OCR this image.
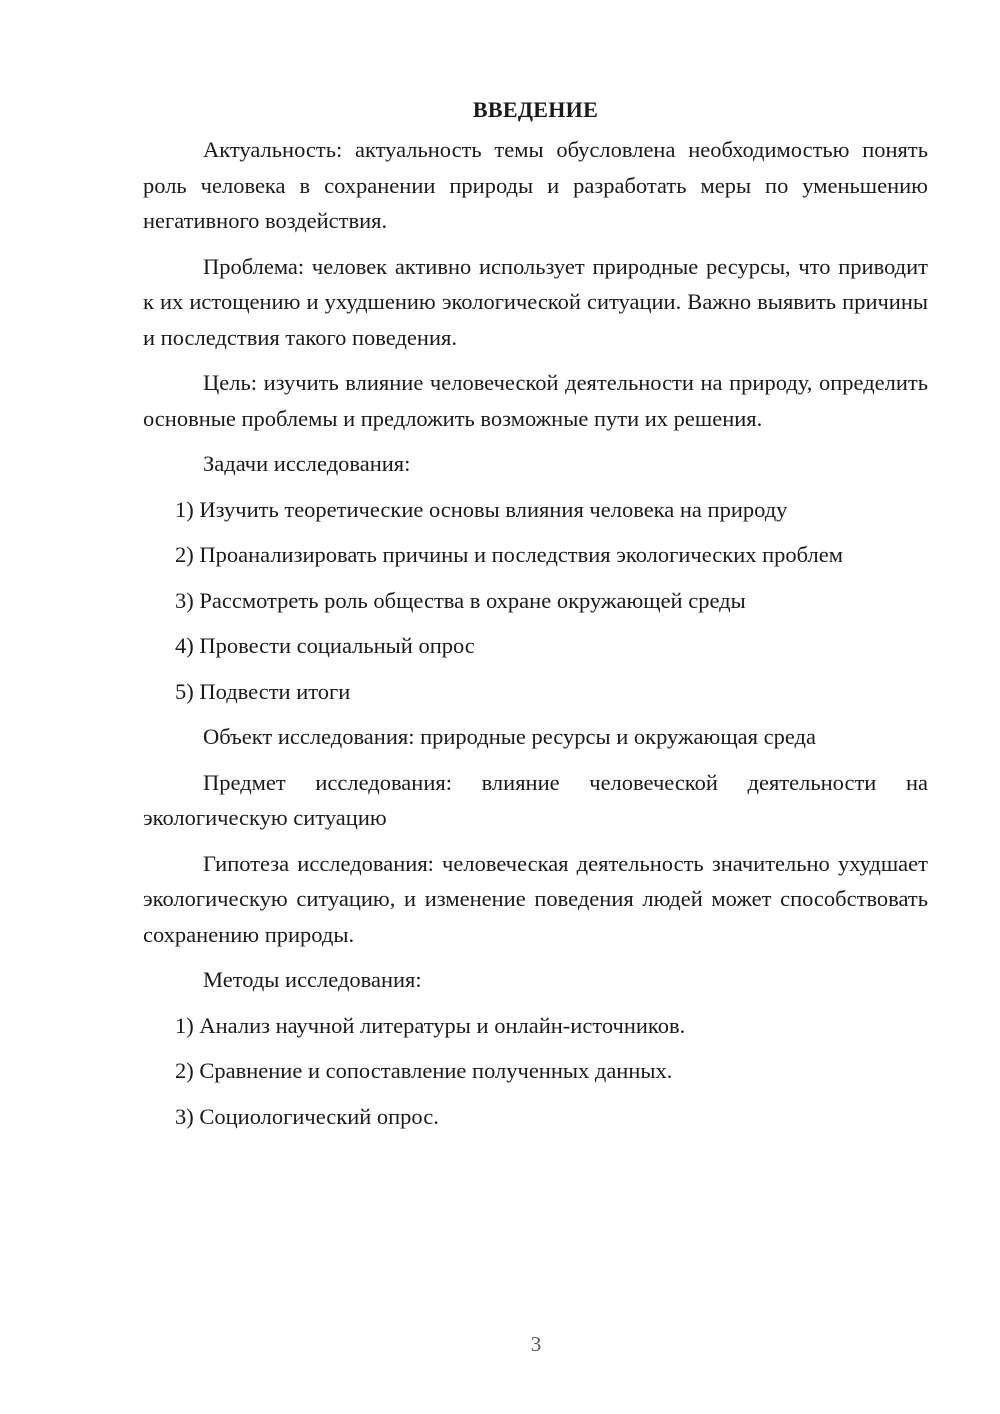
ВВЕДЕНИЕ

Актуальность: актуальность темы обусловлена необходимостью понять роль человека в сохранении природы и разработать меры по уменьшению негативного воздействия.

Проблема: человек активно использует природные ресурсы, что приводит к их истощению и ухудшению экологической ситуации. Важно выявить причины и последствия такого поведения.

Цель: изучить влияние человеческой деятельности на природу, определить основные проблемы и предложить возможные пути их решения.

Задачи исследования:

1) Изучить теоретические основы влияния человека на природу
2) Проанализировать причины и последствия экологических проблем
3) Рассмотреть роль общества в охране окружающей среды
4) Провести социальный опрос
5) Подвести итоги

Объект исследования: природные ресурсы и окружающая среда

Предмет исследования: влияние человеческой деятельности на экологическую ситуацию

Гипотеза исследования: человеческая деятельность значительно ухудшает экологическую ситуацию, и изменение поведения людей может способствовать сохранению природы.

Методы исследования:

1) Анализ научной литературы и онлайн-источников.
2) Сравнение и сопоставление полученных данных.
3) Социологический опрос.
3
